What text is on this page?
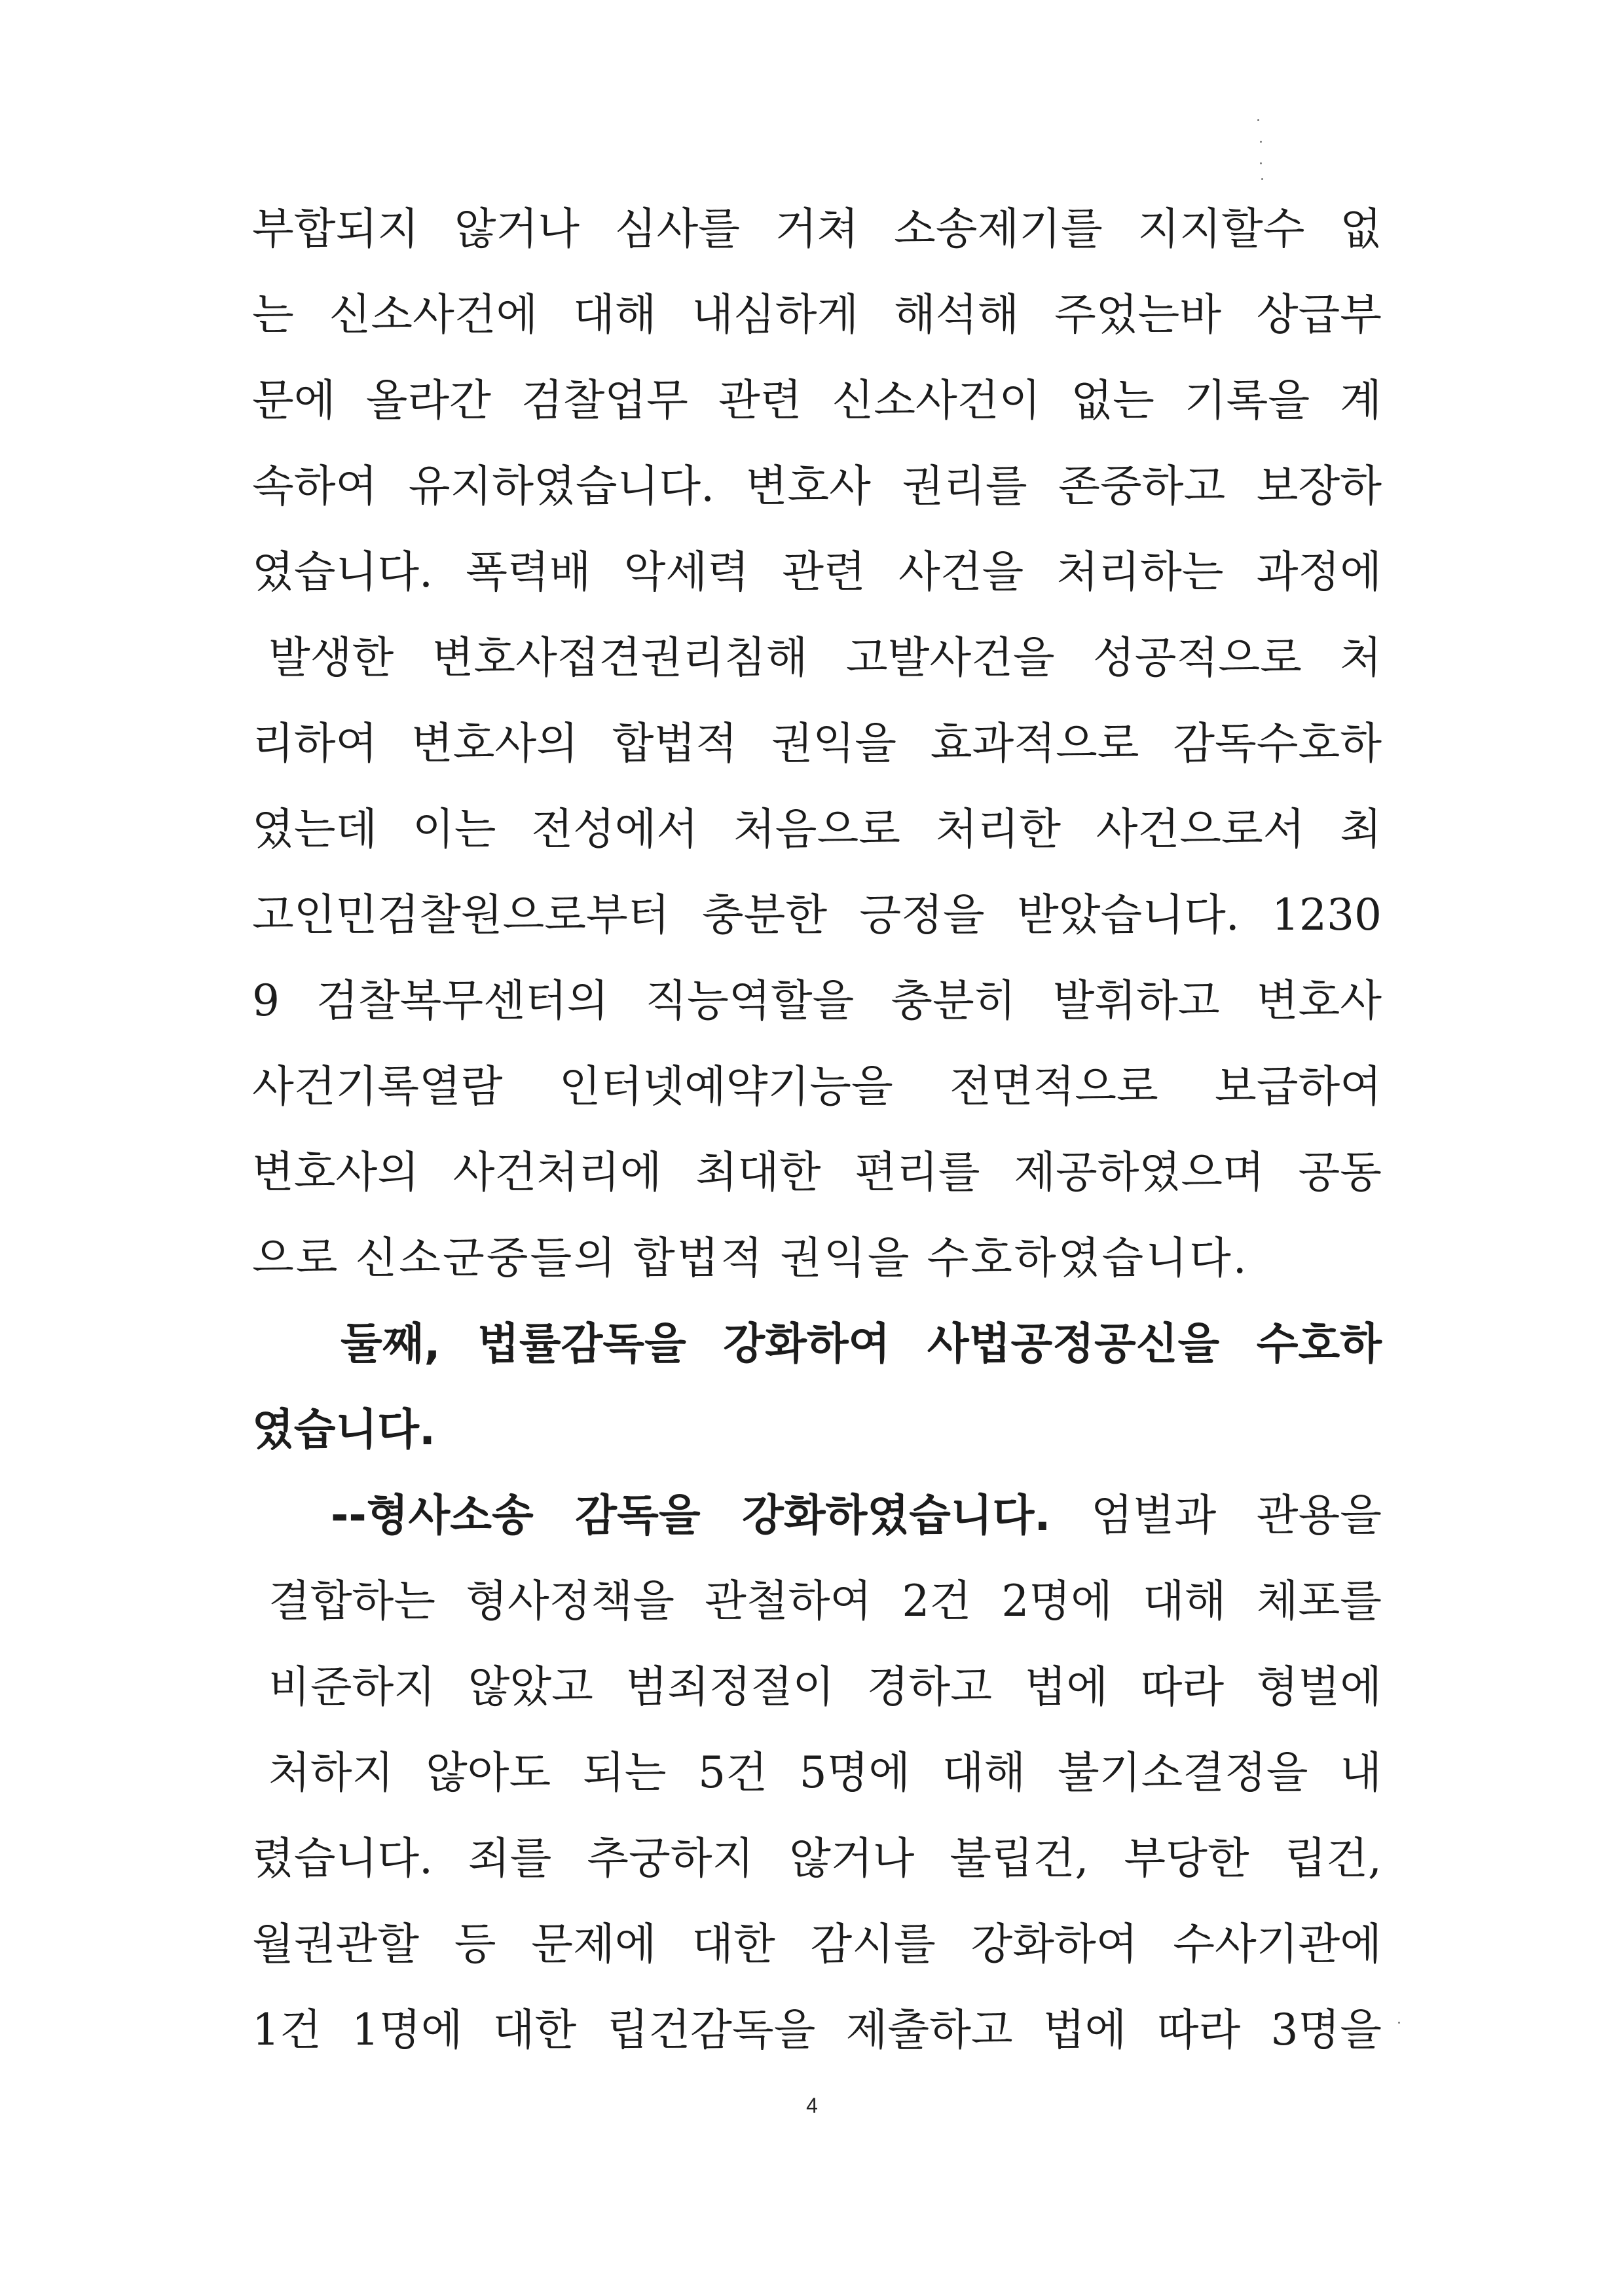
부합되지 않거나 심사를 거쳐 소송제기를 지지할수 없
는 신소사건에 대해 내심하게 해석해 주었는바 상급부
문에 올라간 검찰업무 관련 신소사건이 없는 기록을 계
속하여 유지하였습니다. 변호사 권리를 존중하고 보장하
였습니다. 폭력배 악세력 관련 사건을 처리하는 과정에
발생한 변호사접견권리침해 고발사건을 성공적으로 처
리하여 변호사의 합법적 권익을 효과적으로 감독수호하
였는데 이는 전성에서 처음으로 처리한 사건으로서 최
고인민검찰원으로부터 충분한 긍정을 받았습니다. 1230
9 검찰복무센터의 직능역할을 충분히 발휘하고 변호사
사건기록열람 인터넷예약기능을 전면적으로 보급하여
변호사의 사건처리에 최대한 편리를 제공하였으며 공동
으로 신소군중들의 합법적 권익을 수호하였습니다.
둘째, 법률감독을 강화하여 사법공정공신을 수호하
였습니다.
--형사소송 감독을 강화하였습니다. 엄벌과 관용을
결합하는 형사정책을 관철하여 2건 2명에 대해 체포를
비준하지 않았고 범죄정절이 경하고 법에 따라 형벌에
처하지 않아도 되는 5건 5명에 대해 불기소결정을 내
렸습니다. 죄를 추궁하지 않거나 불립건, 부당한 립건,
월권관할 등 문제에 대한 감시를 강화하여 수사기관에
1건 1명에 대한 립건감독을 제출하고 법에 따라 3명을
4
